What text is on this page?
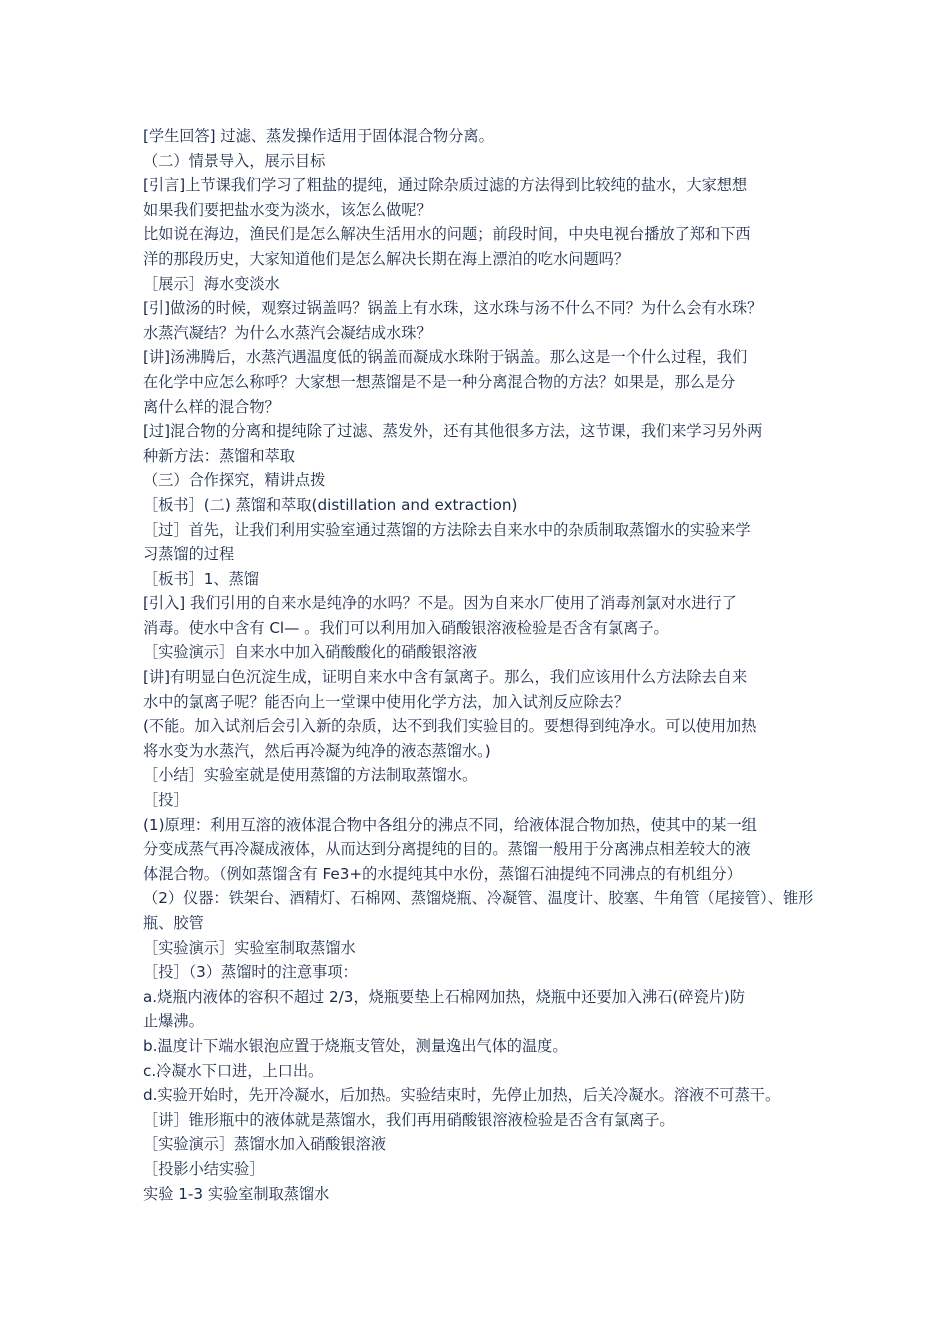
[学生回答] 过滤、蒸发操作适用于固体混合物分离。
（二）情景导入，展示目标
[引言]上节课我们学习了粗盐的提纯，通过除杂质过滤的方法得到比较纯的盐水，大家想想
如果我们要把盐水变为淡水，该怎么做呢？
比如说在海边，渔民们是怎么解决生活用水的问题；前段时间，中央电视台播放了郑和下西
洋的那段历史，大家知道他们是怎么解决长期在海上漂泊的吃水问题吗？
［展示］海水变淡水
[引]做汤的时候，观察过锅盖吗？锅盖上有水珠，这水珠与汤不什么不同？为什么会有水珠？
水蒸汽凝结？为什么水蒸汽会凝结成水珠？
[讲]汤沸腾后，水蒸汽遇温度低的锅盖而凝成水珠附于锅盖。那么这是一个什么过程，我们
在化学中应怎么称呼？大家想一想蒸馏是不是一种分离混合物的方法？如果是，那么是分
离什么样的混合物？
[过]混合物的分离和提纯除了过滤、蒸发外，还有其他很多方法，这节课，我们来学习另外两
种新方法：蒸馏和萃取
（三）合作探究，精讲点拨
［板书］(二) 蒸馏和萃取(distillation and extraction)
［过］首先，让我们利用实验室通过蒸馏的方法除去自来水中的杂质制取蒸馏水的实验来学
习蒸馏的过程
［板书］1、蒸馏
[引入] 我们引用的自来水是纯净的水吗？不是。因为自来水厂使用了消毒剂氯对水进行了
消毒。使水中含有 Cl— 。我们可以利用加入硝酸银溶液检验是否含有氯离子。
［实验演示］自来水中加入硝酸酸化的硝酸银溶液
[讲]有明显白色沉淀生成，证明自来水中含有氯离子。那么，我们应该用什么方法除去自来
水中的氯离子呢？能否向上一堂课中使用化学方法，加入试剂反应除去？
(不能。加入试剂后会引入新的杂质，达不到我们实验目的。要想得到纯净水。可以使用加热
将水变为水蒸汽，然后再冷凝为纯净的液态蒸馏水。)
［小结］实验室就是使用蒸馏的方法制取蒸馏水。
［投］
(1)原理：利用互溶的液体混合物中各组分的沸点不同，给液体混合物加热，使其中的某一组
分变成蒸气再冷凝成液体，从而达到分离提纯的目的。蒸馏一般用于分离沸点相差较大的液
体混合物。（例如蒸馏含有 Fe3+的水提纯其中水份，蒸馏石油提纯不同沸点的有机组分）
（2）仪器：铁架台、酒精灯、石棉网、蒸馏烧瓶、冷凝管、温度计、胶塞、牛角管（尾接管）、锥形
瓶、胶管
［实验演示］实验室制取蒸馏水
［投］（3）蒸馏时的注意事项：
a.烧瓶内液体的容积不超过 2/3，烧瓶要垫上石棉网加热，烧瓶中还要加入沸石(碎瓷片)防
止爆沸。
b.温度计下端水银泡应置于烧瓶支管处，测量逸出气体的温度。
c.冷凝水下口进，上口出。
d.实验开始时，先开冷凝水，后加热。实验结束时，先停止加热，后关冷凝水。溶液不可蒸干。
［讲］锥形瓶中的液体就是蒸馏水，我们再用硝酸银溶液检验是否含有氯离子。
［实验演示］蒸馏水加入硝酸银溶液
［投影小结实验］
实验 1-3 实验室制取蒸馏水
